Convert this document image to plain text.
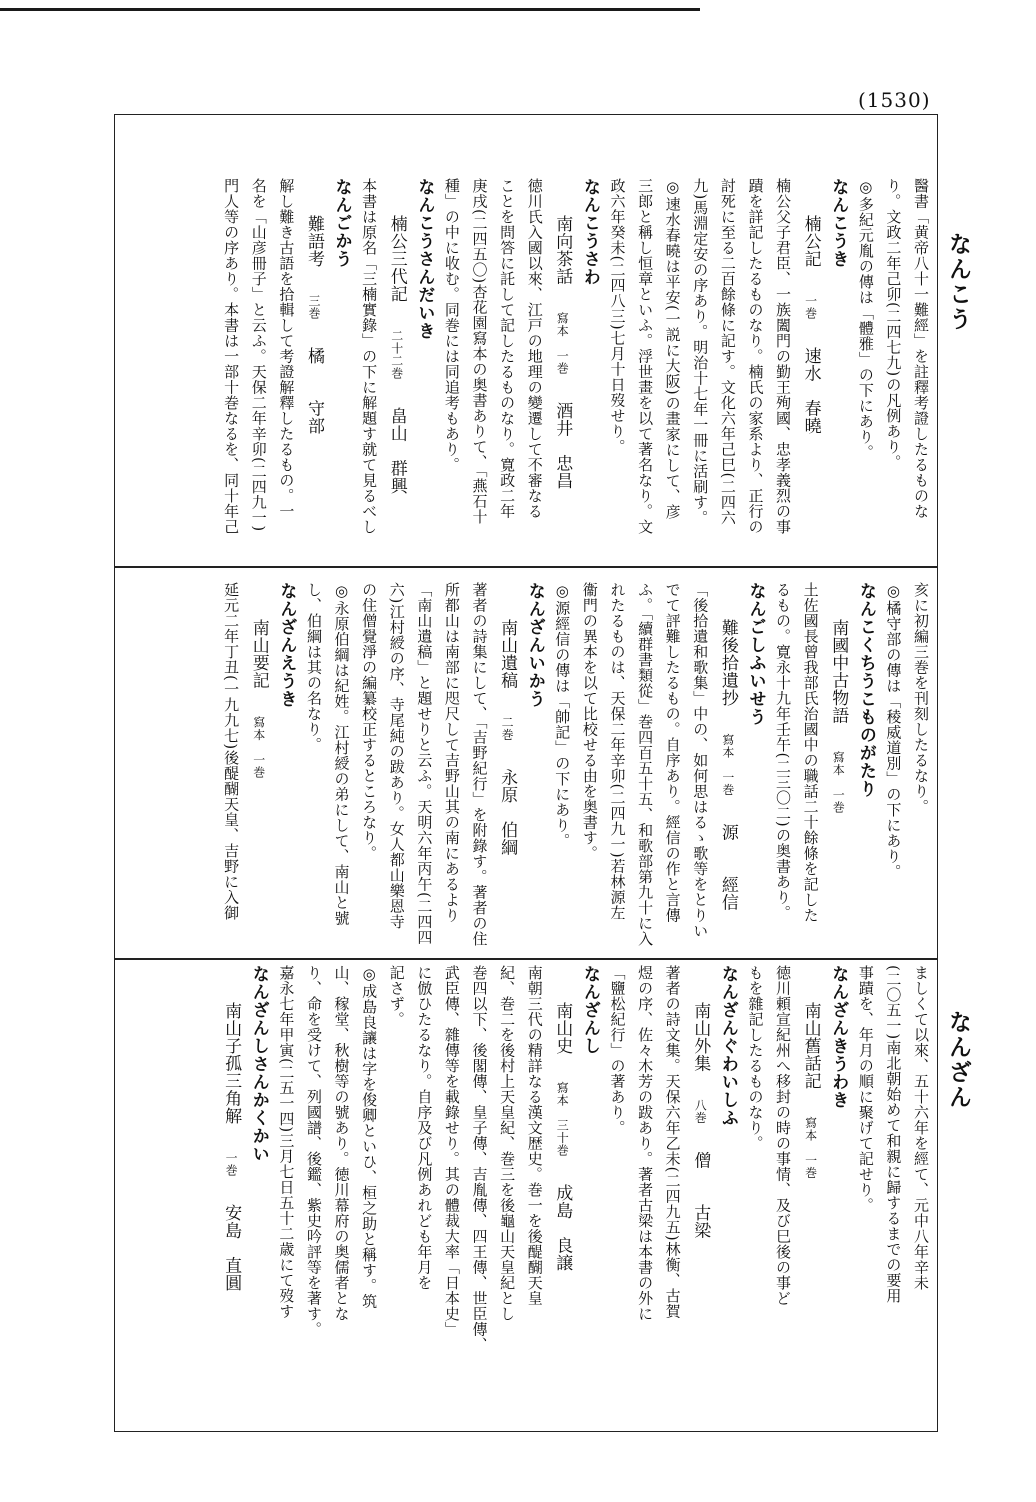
(1530)
なんこう
なんざん
醫書「黄帝八十一難經」を註釋考證したるものな
り。文政二年己卯(二四七九)の凡例あり。
◎多紀元胤の傳は「體雅」の下にあり。
なんこうき
楠公記一巻速水　春曉
楠公父子君臣、一族闔門の勤王殉國、忠孝義烈の事
蹟を詳記したるものなり。楠氏の家系より、正行の
討死に至る二百餘條に記す。文化六年己巳(二四六
九)馬淵定安の序あり。明治十七年一冊に活刷す。
◎速水春曉は平安(一説に大阪)の畫家にして、彦
三郎と稱し恒章といふ。浮世畫を以て著名なり。文
政六年癸未(二四八三)七月十日歿せり。
なんこうさわ
南向茶話寫本　一巻酒井　忠昌
徳川氏入國以來、江戸の地理の變遷して不審なる
ことを問答に託して記したるものなり。寛政二年
庚戌(二四五〇)杏花園寫本の奥書ありて、「燕石十
種」の中に收む。同巻には同追考もあり。
なんこうさんだいき
楠公三代記二十二巻畠山　群興
本書は原名「三楠實錄」の下に解題す就て見るべし
なんごかう
難語考三巻橘　　守部
解し難き古語を拾輯して考證解釋したるもの。一
名を「山彦冊子」と云ふ。天保二年辛卯(二四九一)
門人等の序あり。本書は一部十巻なるを、同十年己
亥に初編三巻を刊刻したるなり。
◎橘守部の傳は「稜威道別」の下にあり。
なんこくちうこものがたり
南國中古物語寫本　一巻
土佐國長曾我部氏治國中の職話二十餘條を記した
るもの。寛永十九年壬午(二三〇二)の奥書あり。
なんごしふいせう
難後拾遺抄寫本　一巻源　　經信
「後拾遺和歌集」中の、如何思はるゝ歌等をとりい
でて評難したるもの。自序あり。經信の作と言傳
ふ。「續群書類從」巻四百五十五、和歌部第九十に入
れたるものは、天保二年辛卯(二四九一)若林源左
衞門の異本を以て比校せる由を奥書す。
◎源經信の傳は「帥記」の下にあり。
なんざんいかう
南山遺稿二巻永原　伯綱
著者の詩集にして、「吉野紀行」を附錄す。著者の住
所都山は南部に咫尺して吉野山其の南にあるより
「南山遺稿」と題せりと云ふ。天明六年丙午(二四四
六)江村綬の序、寺尾純の跋あり。女人都山樂恩寺
の住僧覺淨の編纂校正するところなり。
◎永原伯綱は紀姓。江村綬の弟にして、南山と號
し、伯綱は其の名なり。
なんざんえうき
南山要記寫本　一巻
延元二年丁丑(一九九七)後醍醐天皇、吉野に入御
ましくて以來、五十六年を經て、元中八年辛未
(二〇五一)南北朝始めて和親に歸するまでの要用
事蹟を、年月の順に聚げて記せり。
なんざんきうわき
南山舊話記寫本　一巻
徳川頼宣紀州へ移封の時の事情、及び巳後の事ど
もを雜記したるものなり。
なんざんぐわいしふ
南山外集八巻僧　　古梁
著者の詩文集。天保六年乙未(二四九五)林衡、古賀
煜の序、佐々木芳の跋あり。著者古梁は本書の外に
「鹽松紀行」の著あり。
なんざんし
南山史寫本　三十巻成島　良譲
南朝三代の精詳なる漢文歴史。巻一を後醍醐天皇
紀、巻二を後村上天皇紀、巻三を後龜山天皇紀とし
巻四以下、後閣傳、皇子傳、吉胤傳、四王傳、世臣傳、
武臣傳、雜傳等を載錄せり。其の體裁大率「日本史」
に倣ひたるなり。自序及び凡例あれども年月を
記さず。
◎成島良讓は字を俊卿といひ、桓之助と稱す。筑
山、稼堂、秋樹等の號あり。徳川幕府の奥儒者とな
り、命を受けて、列國譜、後鑑、紫史吟評等を著す。
嘉永七年甲寅(二五一四)三月七日五十二歳にて歿す
なんざんしさんかくかい
南山子孤三角解一巻安島　直圓
